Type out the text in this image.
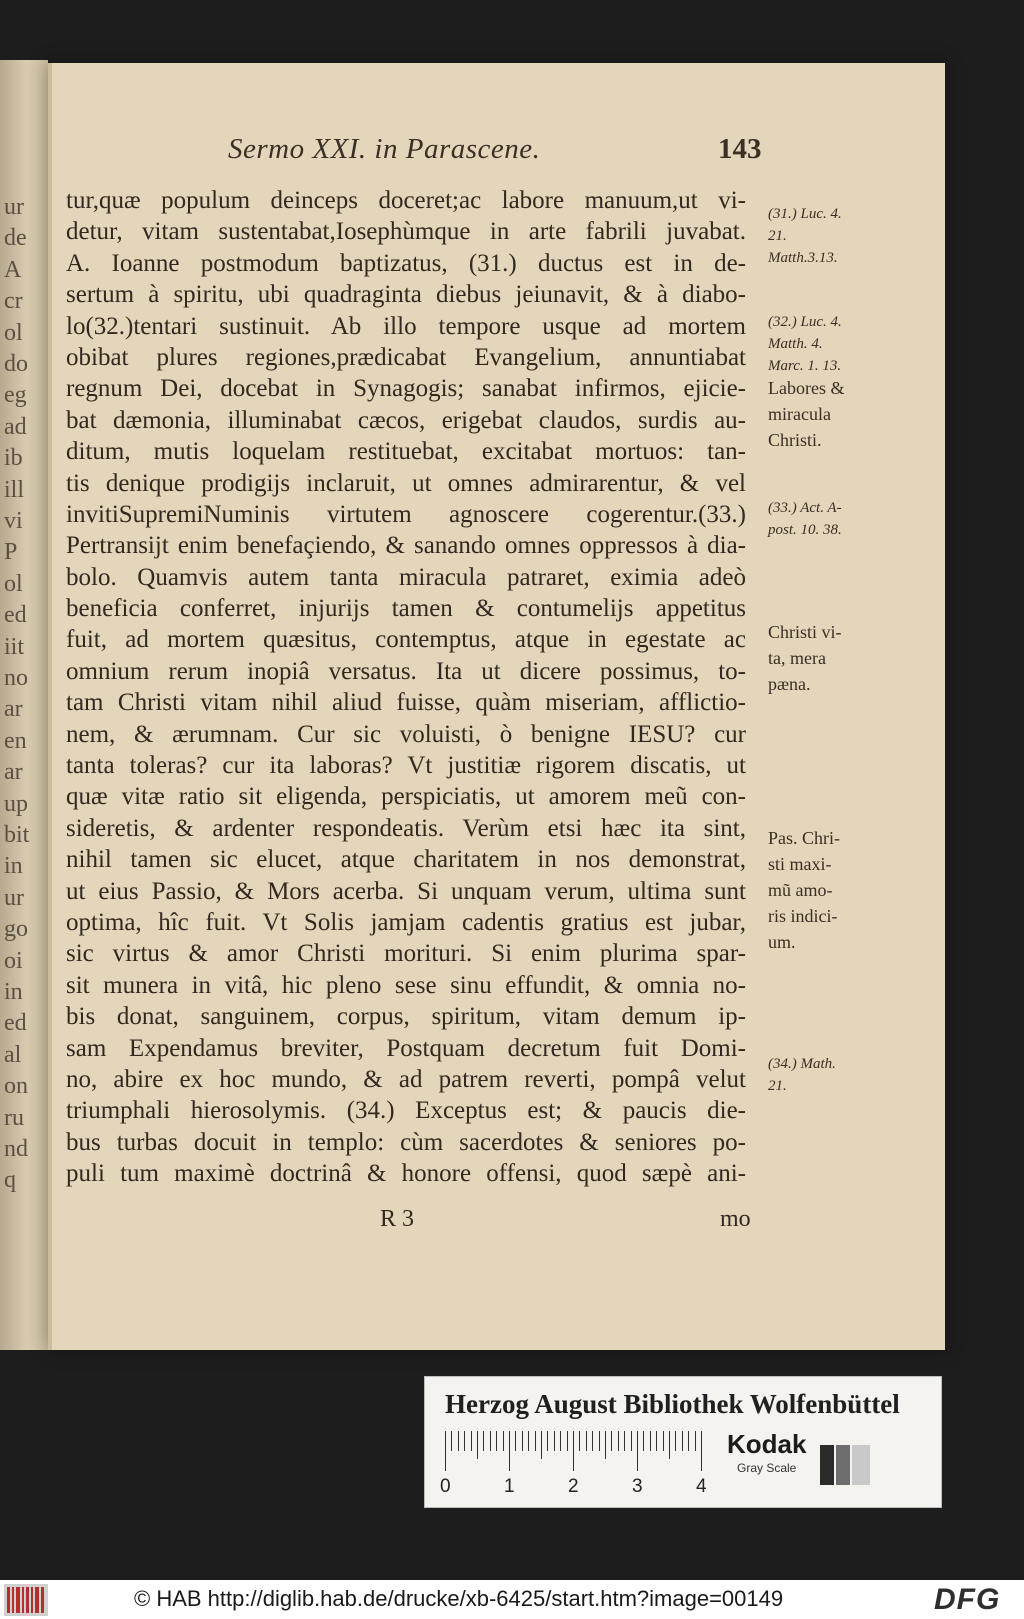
ur
de
A
cr
ol
do
eg
ad
ib
ill
vi
P
ol
ed
iit
no
ar
en
ar
up
bit
in
ur
go
oi
in
ed
al
on
ru
nd
q
Sermo XXI. in Parascene.	143
tur,quæ populum deinceps doceret;ac labore manuum,ut vi-
detur, vitam sustentabat,Iosephùmque in arte fabrili juvabat.
A. Ioanne postmodum baptizatus, (31.) ductus est in de-
sertum à spiritu, ubi quadraginta diebus jeiunavit, & à diabo-
lo(32.)tentari sustinuit. Ab illo tempore usque ad mortem
obibat plures regiones,prædicabat Evangelium, annuntiabat
regnum Dei, docebat in Synagogis; sanabat infirmos, ejicie-
bat dæmonia, illuminabat cæcos, erigebat claudos, surdis au-
ditum, mutis loquelam restituebat, excitabat mortuos: tan-
tis denique prodigijs inclaruit, ut omnes admirarentur, & vel
invitiSupremiNuminis virtutem agnoscere cogerentur.(33.)
Pertransijt enim benefaçiendo, & sanando omnes oppressos à dia-
bolo. Quamvis autem tanta miracula patraret, eximia adeò
beneficia conferret, injurijs tamen & contumelijs appetitus
fuit, ad mortem quæsitus, contemptus, atque in egestate ac
omnium rerum inopiâ versatus. Ita ut dicere possimus, to-
tam Christi vitam nihil aliud fuisse, quàm miseriam, afflictio-
nem, & ærumnam. Cur sic voluisti, ò benigne IESU? cur
tanta toleras? cur ita laboras? Vt justitiæ rigorem discatis, ut
quæ vitæ ratio sit eligenda, perspiciatis, ut amorem meũ con-
sideretis, & ardenter respondeatis. Verùm etsi hæc ita sint,
nihil tamen sic elucet, atque charitatem in nos demonstrat,
ut eius Passio, & Mors acerba. Si unquam verum, ultima sunt
optima, hîc fuit. Vt Solis jamjam cadentis gratius est jubar,
sic virtus & amor Christi morituri. Si enim plurima spar-
sit munera in vitâ, hic pleno sese sinu effundit, & omnia no-
bis donat, sanguinem, corpus, spiritum, vitam demum ip-
sam Expendamus breviter, Postquam decretum fuit Domi-
no, abire ex hoc mundo, & ad patrem reverti, pompâ velut
triumphali hierosolymis. (34.) Exceptus est; & paucis die-
bus turbas docuit in templo: cùm sacerdotes & seniores po-
puli tum maximè doctrinâ & honore offensi, quod sæpè ani-
(31.) Luc. 4.
21.
Matth.3.13.
(32.) Luc. 4.
Matth. 4.
Marc. 1. 13.
Labores &
miracula
Christi.
(33.) Act. A-
post. 10. 38.
Christi vi-
ta, mera
pæna.
Pas. Chri-
sti maxi-
mũ amo-
ris indici-
um.
(34.) Math.
21.
R 3	mo
Herzog August Bibliothek Wolfenbüttel
0	1	2	3	4
Kodak
Gray Scale
© HAB http://diglib.hab.de/drucke/xb-6425/start.htm?image=00149	DFG
